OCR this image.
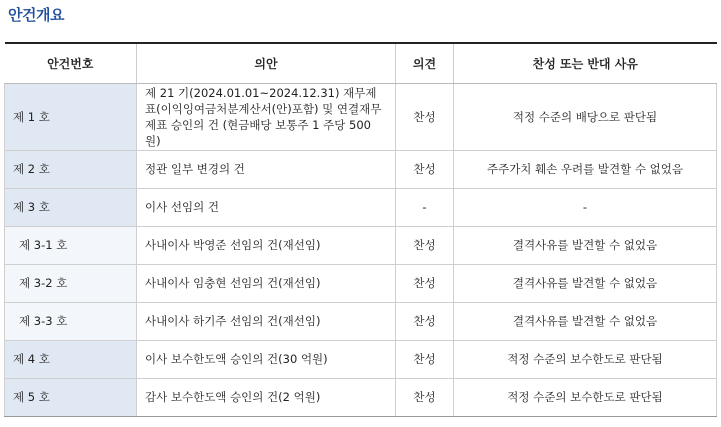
안건개요
안건번호	의안	의견	찬성 또는 반대 사유
제 1 호	제 21 기(2024.01.01~2024.12.31) 재무제표(이익잉여금처분계산서(안)포함) 및 연결재무제표 승인의 건 (현금배당 보통주 1 주당 500 원)	찬성	적정 수준의 배당으로 판단됨
제 2 호	정관 일부 변경의 건	찬성	주주가치 훼손 우려를 발견할 수 없었음
제 3 호	이사 선임의 건	-	-
제 3-1 호	사내이사 박영준 선임의 건(재선임)	찬성	결격사유를 발견할 수 없었음
제 3-2 호	사내이사 임충현 선임의 건(재선임)	찬성	결격사유를 발견할 수 없었음
제 3-3 호	사내이사 하기주 선임의 건(재선임)	찬성	결격사유를 발견할 수 없었음
제 4 호	이사 보수한도액 승인의 건(30 억원)	찬성	적정 수준의 보수한도로 판단됨
제 5 호	감사 보수한도액 승인의 건(2 억원)	찬성	적정 수준의 보수한도로 판단됨
